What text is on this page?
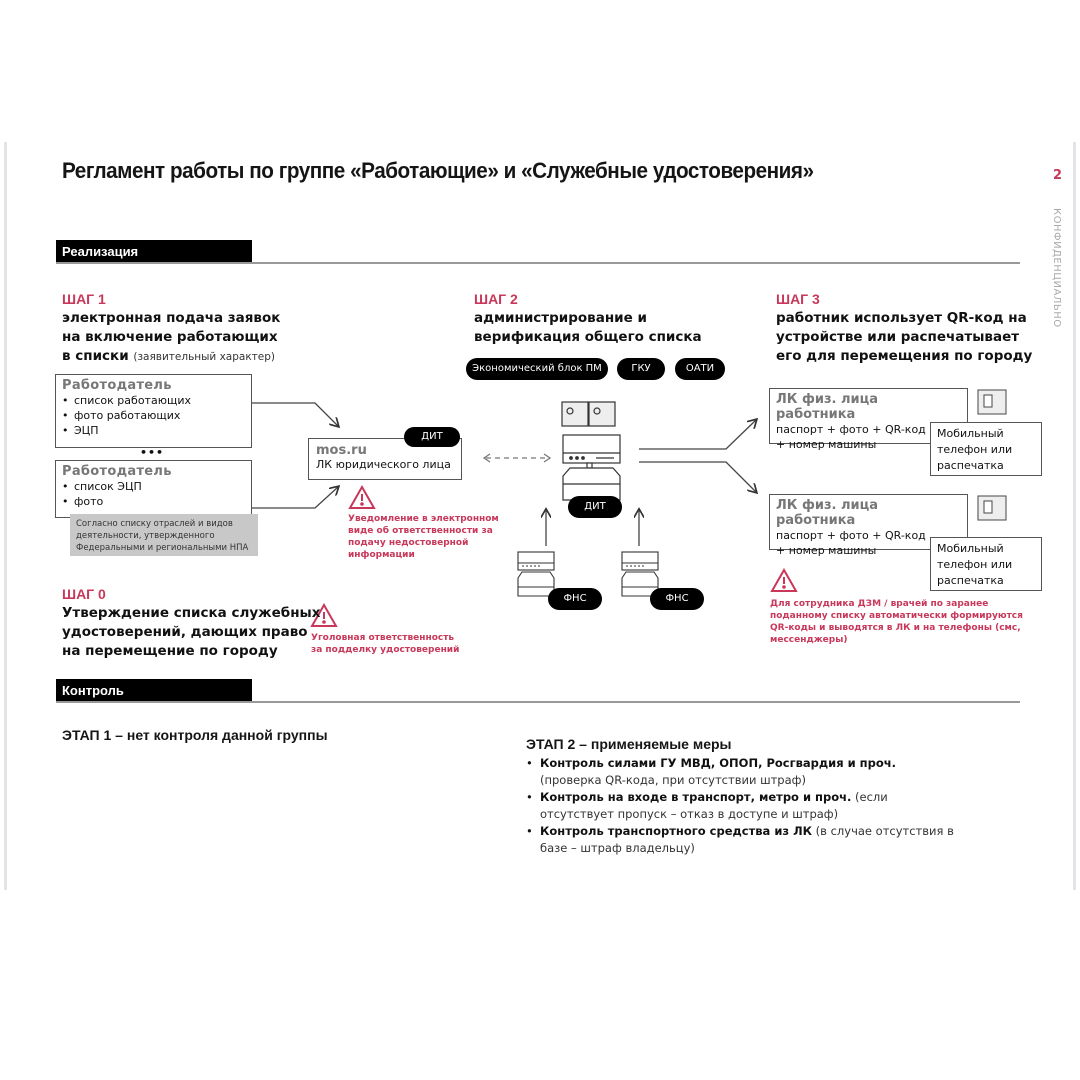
Регламент работы по группе «Работающие» и «Служебные удостоверения»	2
КОНФИДЕНЦИАЛЬНО
Реализация
ШАГ 1
электронная подача заявок
на включение работающих
в списки (заявительный характер)
Работодатель
• список работающих
• фото работающих
• ЭЦП
•••
Работодатель
• список ЭЦП
• фото
Согласно списку отраслей и видов деятельности, утвержденного Федеральными и региональными НПА
mos.ru
ЛК юридического лица
ДИТ
Уведомление в электронном виде об ответственности за подачу недостоверной информации
ШАГ 0
Утверждение списка служебных
удостоверений, дающих право
на перемещение по городу
Уголовная ответственность за подделку удостоверений
ШАГ 2
администрирование и
верификация общего списка
Экономический блок ПМ	ГКУ	ОАТИ
ДИТ
ФНС	ФНС
ШАГ 3
работник использует QR-код на
устройстве или распечатывает
его для перемещения по городу
ЛК физ. лица работника
паспорт + фото + QR-код
+ номер машины
Мобильный телефон или распечатка
ЛК физ. лица работника
паспорт + фото + QR-код
+ номер машины	Мобильный телефон или распечатка
Для сотрудника ДЗМ / врачей по заранее поданному списку автоматически формируются QR-коды и выводятся в ЛК и на телефоны (смс, мессенджеры)
Контроль
ЭТАП 1 – нет контроля данной группы
ЭТАП 2 – применяемые меры
• Контроль силами ГУ МВД, ОПОП, Росгвардия и проч. (проверка QR-кода, при отсутствии штраф)
• Контроль на входе в транспорт, метро и проч. (если отсутствует пропуск – отказ в доступе и штраф)
• Контроль транспортного средства из ЛК (в случае отсутствия в базе – штраф владельцу)
